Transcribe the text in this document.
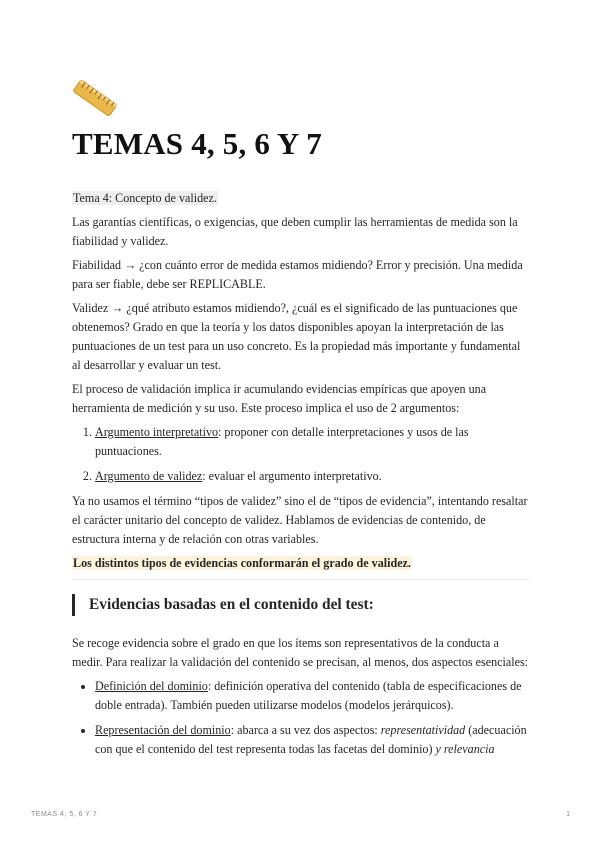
TEMAS 4, 5, 6 Y 7

Tema 4: Concepto de validez.

Las garantías científicas, o exigencias, que deben cumplir las herramientas de medida son la fiabilidad y validez.

Fiabilidad → ¿con cuánto error de medida estamos midiendo? Error y precisión. Una medida para ser fiable, debe ser REPLICABLE.

Validez → ¿qué atributo estamos midiendo?, ¿cuál es el significado de las puntuaciones que obtenemos? Grado en que la teoría y los datos disponibles apoyan la interpretación de las puntuaciones de un test para un uso concreto. Es la propiedad más importante y fundamental al desarrollar y evaluar un test.

El proceso de validación implica ir acumulando evidencias empíricas que apoyen una herramienta de medición y su uso. Este proceso implica el uso de 2 argumentos:

1. Argumento interpretativo: proponer con detalle interpretaciones y usos de las puntuaciones.
2. Argumento de validez: evaluar el argumento interpretativo.

Ya no usamos el término “tipos de validez” sino el de “tipos de evidencia”, intentando resaltar el carácter unitario del concepto de validez. Hablamos de evidencias de contenido, de estructura interna y de relación con otras variables.

Los distintos tipos de evidencias conformarán el grado de validez.

Evidencias basadas en el contenido del test:

Se recoge evidencia sobre el grado en que los ítems son representativos de la conducta a medir. Para realizar la validación del contenido se precisan, al menos, dos aspectos esenciales:

• Definición del dominio: definición operativa del contenido (tabla de especificaciones de doble entrada). También pueden utilizarse modelos (modelos jerárquicos).
• Representación del dominio: abarca a su vez dos aspectos: representatividad (adecuación con que el contenido del test representa todas las facetas del dominio) y relevancia
TEMAS 4, 5, 6 Y 7	1
